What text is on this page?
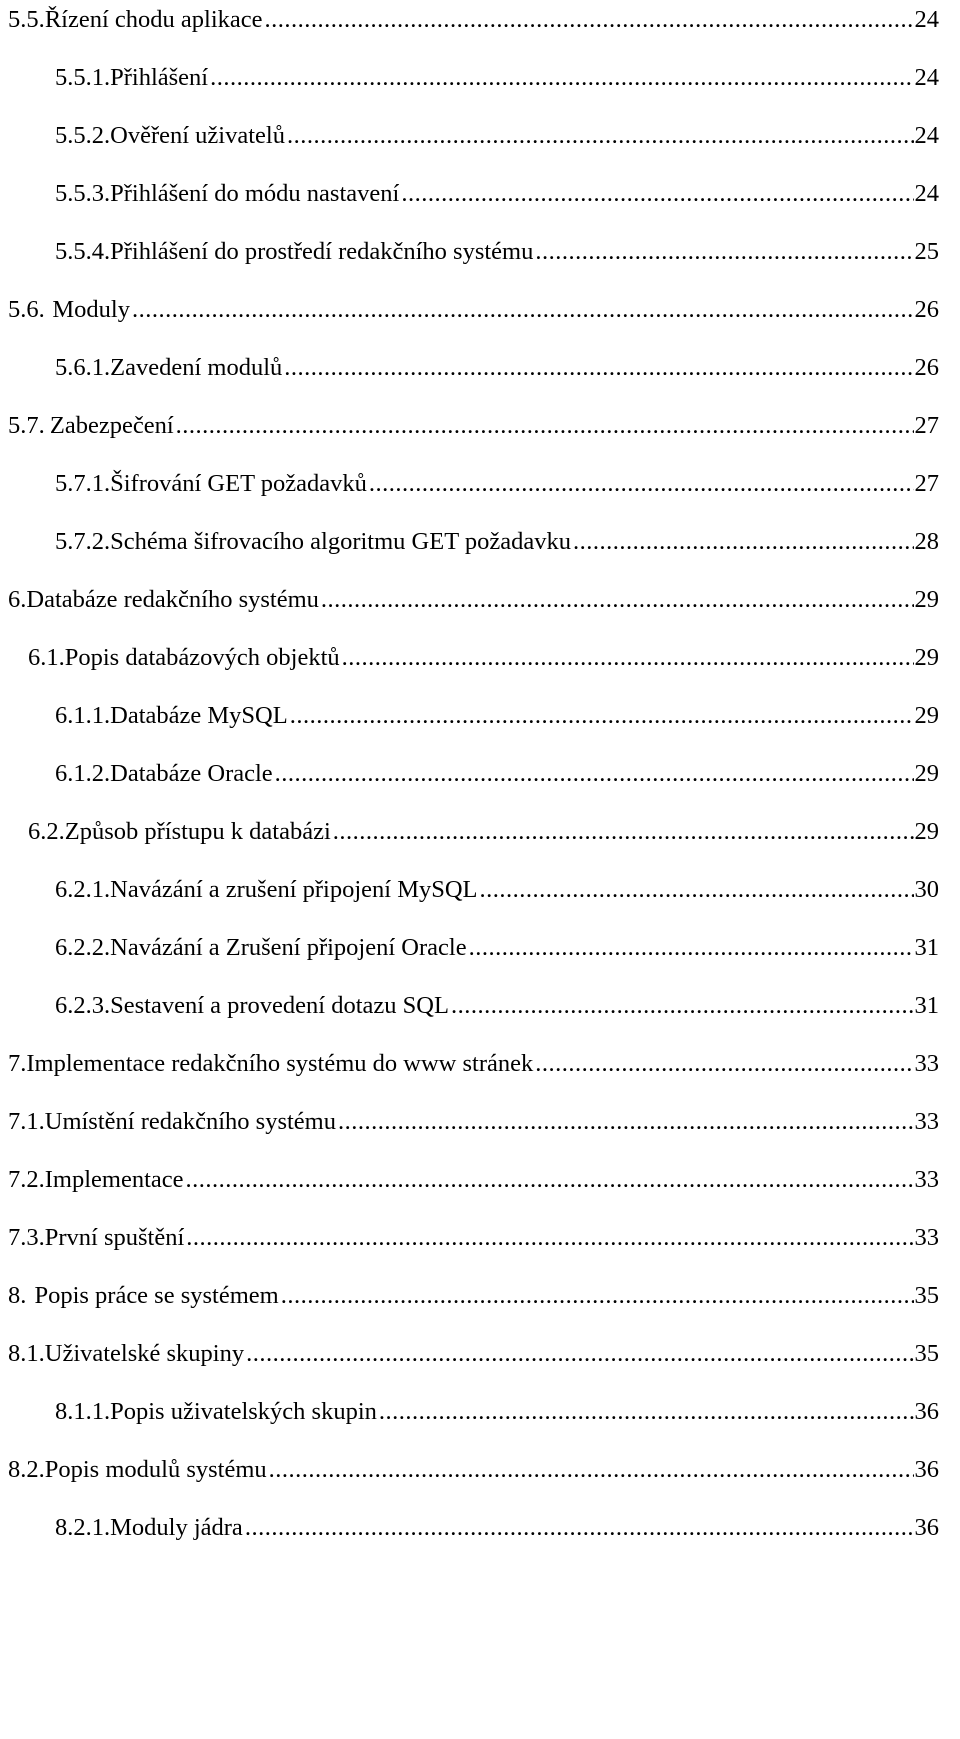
5.5. Řízení chodu aplikace .....	24
5.5.1. Přihlášení .....	24
5.5.2. Ověření uživatelů .....	24
5.5.3. Přihlášení do módu nastavení .....	24
5.5.4. Přihlášení do prostředí redakčního systému .....	25
5.6. Moduly .....	26
5.6.1. Zavedení modulů .....	26
5.7. Zabezpečení .....	27
5.7.1. Šifrování GET požadavků .....	27
5.7.2. Schéma šifrovacího algoritmu GET požadavku .....	28
6. Databáze redakčního systému .....	29
6.1. Popis databázových objektů .....	29
6.1.1. Databáze MySQL .....	29
6.1.2. Databáze Oracle .....	29
6.2. Způsob přístupu k databázi .....	29
6.2.1. Navázání a zrušení připojení MySQL .....	30
6.2.2. Navázání a Zrušení připojení Oracle .....	31
6.2.3. Sestavení a provedení dotazu SQL .....	31
7. Implementace redakčního systému do www stránek .....	33
7.1. Umístění redakčního systému .....	33
7.2. Implementace .....	33
7.3. První spuštění .....	33
8. Popis práce se systémem .....	35
8.1. Uživatelské skupiny .....	35
8.1.1. Popis uživatelských skupin .....	36
8.2. Popis modulů systému .....	36
8.2.1. Moduly jádra .....	36
